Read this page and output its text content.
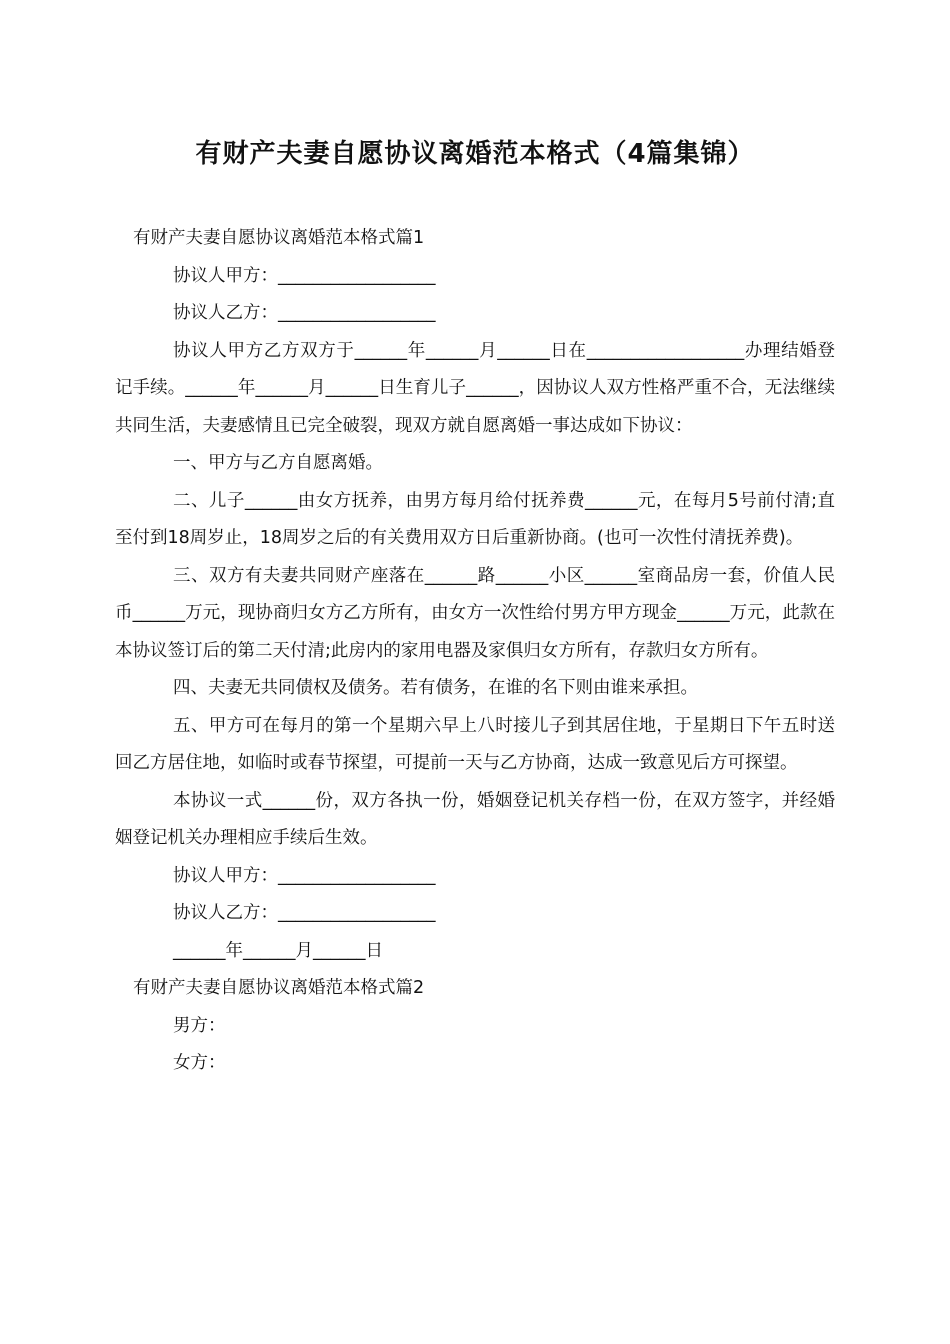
有财产夫妻自愿协议离婚范本格式（4篇集锦）

有财产夫妻自愿协议离婚范本格式篇1

协议人甲方：__________________

协议人乙方：__________________

协议人甲方乙方双方于______年______月______日在__________________办理结婚登记手续。______年______月______日生育儿子______，因协议人双方性格严重不合，无法继续共同生活，夫妻感情且已完全破裂，现双方就自愿离婚一事达成如下协议：

一、甲方与乙方自愿离婚。

二、儿子______由女方抚养，由男方每月给付抚养费______元，在每月5号前付清;直至付到18周岁止，18周岁之后的有关费用双方日后重新协商。(也可一次性付清抚养费)。

三、双方有夫妻共同财产座落在______路______小区______室商品房一套，价值人民币______万元，现协商归女方乙方所有，由女方一次性给付男方甲方现金______万元，此款在本协议签订后的第二天付清;此房内的家用电器及家俱归女方所有，存款归女方所有。

四、夫妻无共同债权及债务。若有债务，在谁的名下则由谁来承担。

五、甲方可在每月的第一个星期六早上八时接儿子到其居住地，于星期日下午五时送回乙方居住地，如临时或春节探望，可提前一天与乙方协商，达成一致意见后方可探望。

本协议一式______份，双方各执一份，婚姻登记机关存档一份，在双方签字，并经婚姻登记机关办理相应手续后生效。

协议人甲方：__________________

协议人乙方：__________________

______年______月______日

有财产夫妻自愿协议离婚范本格式篇2

男方：

女方：
